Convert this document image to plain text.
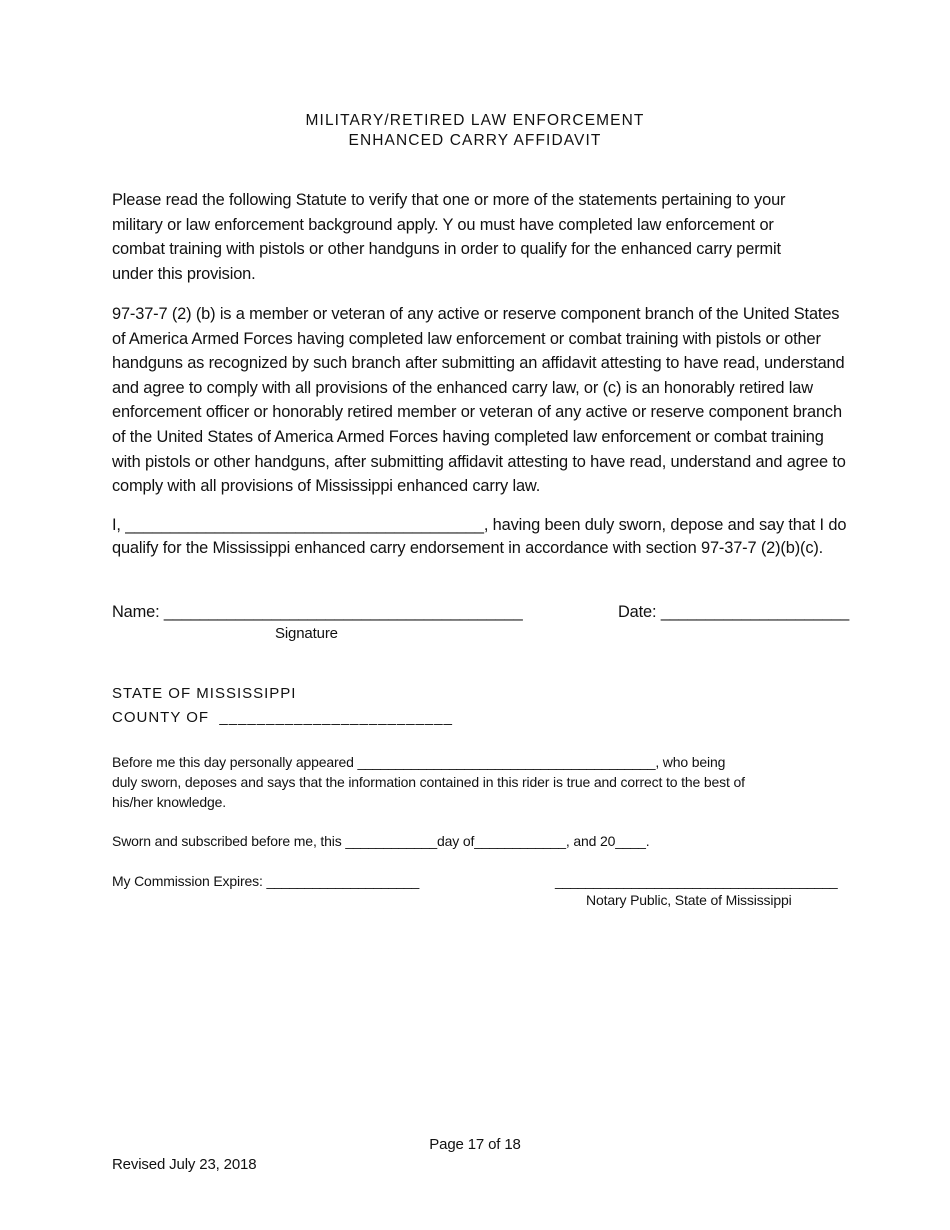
MILITARY/RETIRED LAW ENFORCEMENT
ENHANCED CARRY AFFIDAVIT
Please read the following Statute to verify that one or more of the statements pertaining to your
military or law enforcement background apply. Y ou must have completed law enforcement or
combat training with pistols or other handguns in order to qualify for the enhanced carry permit
under this provision.
97-37-7 (2) (b) is a member or veteran of any active or reserve component branch of the United States
of America Armed Forces having completed law enforcement or combat training with pistols or other
handguns as recognized by such branch after submitting an affidavit attesting to have read, understand
and agree to comply with all provisions of the enhanced carry law, or (c) is an honorably retired law
enforcement officer or honorably retired member or veteran of any active or reserve component branch
of the United States of America Armed Forces having completed law enforcement or combat training
with pistols or other handguns, after submitting affidavit attesting to have read, understand and agree to
comply with all provisions of Mississippi enhanced carry law.
I, ________________________________________, having been duly sworn, depose and say that I do
qualify for the Mississippi enhanced carry endorsement in accordance with section 97-37-7 (2)(b)(c).
Name: ________________________________________	Date: _____________________
Signature
STATE OF MISSISSIPPI
COUNTY OF  _________________________
Before me this day personally appeared _______________________________________, who being
duly sworn, deposes and says that the information contained in this rider is true and correct to the best of
his/her knowledge.
Sworn and subscribed before me, this ____________day of____________, and 20____.
My Commission Expires: ____________________	_____________________________________
Notary Public, State of Mississippi
Page 17 of 18
Revised July 23, 2018
